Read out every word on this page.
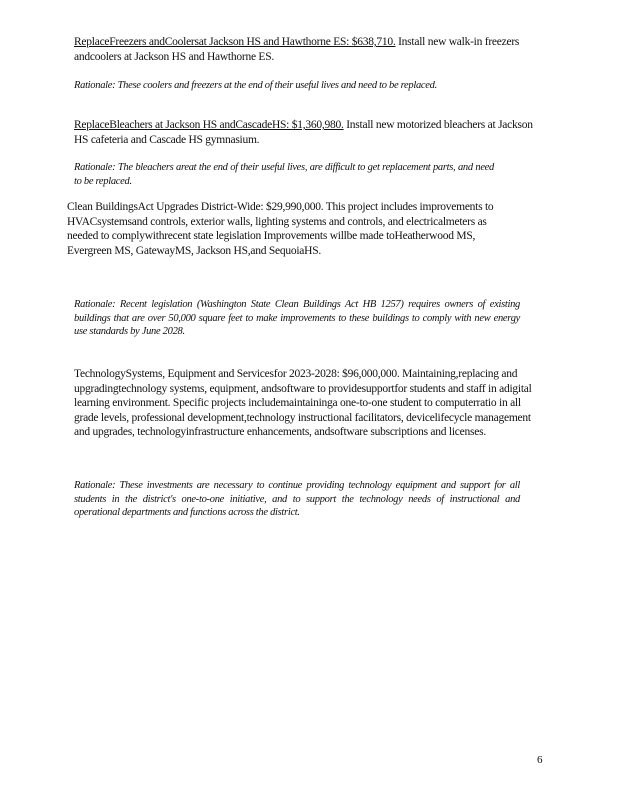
ReplaceFreezers andCoolersat Jackson HS and Hawthorne ES: $638,710. Install new walk-in freezers andcoolers at Jackson HS and Hawthorne ES.

Rationale: These coolers and freezers at the end of their useful lives and need to be replaced.

ReplaceBleachers at Jackson HS andCascadeHS: $1,360,980. Install new motorized bleachers at Jackson HS cafeteria and Cascade HS gymnasium.

Rationale: The bleachers areat the end of their useful lives, are difficult to get replacement parts, and need to be replaced.

Clean BuildingsAct Upgrades District-Wide: $29,990,000. This project includes improvements to HVACsystemsand controls, exterior walls, lighting systems and controls, and electricalmeters as needed to complywithrecent state legislation Improvements willbe made toHeatherwood MS, Evergreen MS, GatewayMS, Jackson HS,and SequoiaHS.

Rationale: Recent legislation (Washington State Clean Buildings Act HB 1257) requires owners of existing buildings that are over 50,000 square feet to make improvements to these buildings to comply with new energy use standards by June 2028.

TechnologySystems, Equipment and Servicesfor 2023-2028: $96,000,000. Maintaining,replacing and upgradingtechnology systems, equipment, andsoftware to providesupportfor students and staff in adigital learning environment. Specific projects includemaintaininga one-to-one student to computerratio in all grade levels, professional development,technology instructional facilitators, devicelifecycle management and upgrades, technologyinfrastructure enhancements, andsoftware subscriptions and licenses.

Rationale: These investments are necessary to continue providing technology equipment and support for all students in the district's one-to-one initiative, and to support the technology needs of instructional and operational departments and functions across the district.

6
